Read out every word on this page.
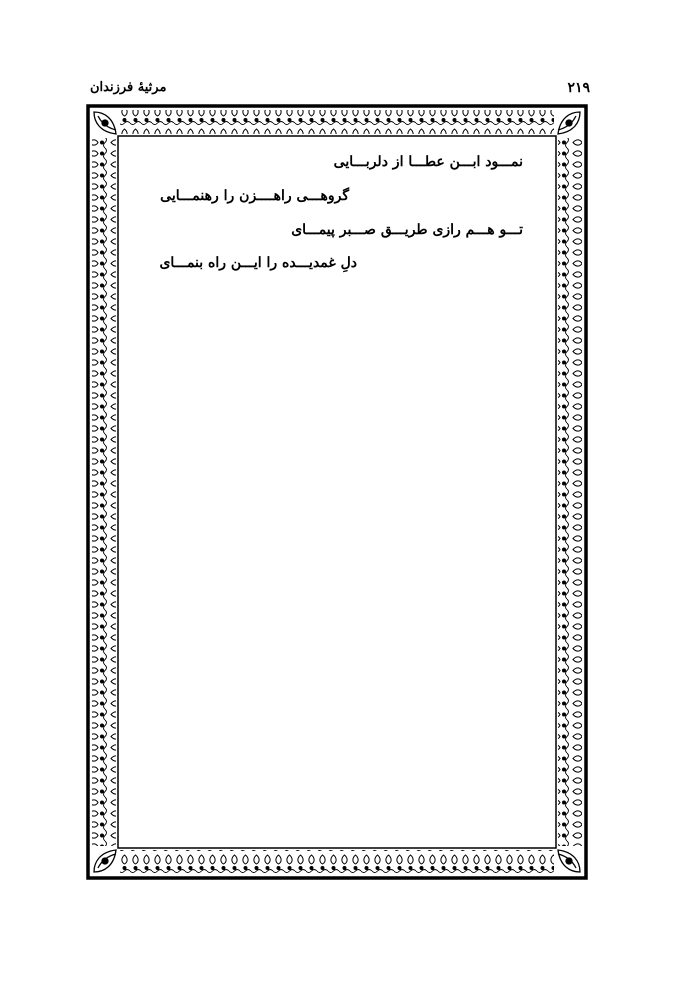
مرثیهٔ فرزندان	۲۱۹
نمـــود ابـــن عطـــا از دلربـــایی
گروهـــی راهــــزن را رهنمـــایی
تـــو هـــم رازی طریـــق صـــبر پیمـــای
دلِ غمدیـــده را ایـــن راه بنمـــای
